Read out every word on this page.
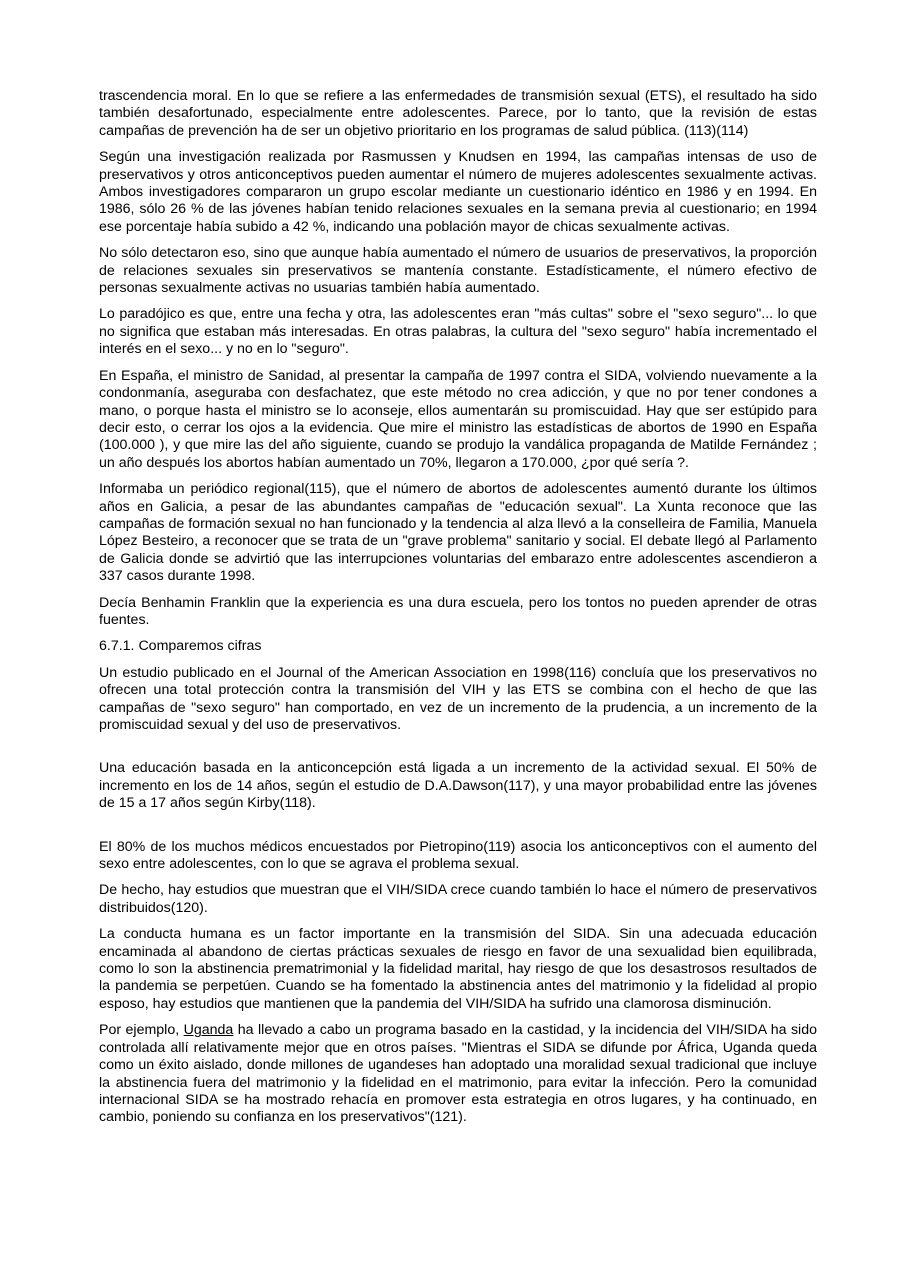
trascendencia moral. En lo que se refiere a las enfermedades de transmisión sexual (ETS), el resultado ha sido también desafortunado, especialmente entre adolescentes. Parece, por lo tanto, que la revisión de estas campañas de prevención ha de ser un objetivo prioritario en los programas de salud pública. (113)(114)

Según una investigación realizada por Rasmussen y Knudsen en 1994, las campañas intensas de uso de preservativos y otros anticonceptivos pueden aumentar el número de mujeres adolescentes sexualmente activas. Ambos investigadores compararon un grupo escolar mediante un cuestionario idéntico en 1986 y en 1994. En 1986, sólo 26 % de las jóvenes habían tenido relaciones sexuales en la semana previa al cuestionario; en 1994 ese porcentaje había subido a 42 %, indicando una población mayor de chicas sexualmente activas.

No sólo detectaron eso, sino que aunque había aumentado el número de usuarios de preservativos, la proporción de relaciones sexuales sin preservativos se mantenía constante. Estadísticamente, el número efectivo de personas sexualmente activas no usuarias también había aumentado.

Lo paradójico es que, entre una fecha y otra, las adolescentes eran "más cultas" sobre el "sexo seguro"... lo que no significa que estaban más interesadas. En otras palabras, la cultura del "sexo seguro" había incrementado el interés en el sexo... y no en lo "seguro".

En España, el ministro de Sanidad, al presentar la campaña de 1997 contra el SIDA, volviendo nuevamente a la condonmanía, aseguraba con desfachatez, que este método no crea adicción, y que no por tener condones a mano, o porque hasta el ministro se lo aconseje, ellos aumentarán su promiscuidad. Hay que ser estúpido para decir esto, o cerrar los ojos a la evidencia. Que mire el ministro las estadísticas de abortos de 1990 en España (100.000 ), y que mire las del año siguiente, cuando se produjo la vandálica propaganda de Matilde Fernández ; un año después los abortos habían aumentado un 70%, llegaron a 170.000, ¿por qué sería ?.

Informaba un periódico regional(115), que el número de abortos de adolescentes aumentó durante los últimos años en Galicia, a pesar de las abundantes campañas de "educación sexual". La Xunta reconoce que las campañas de formación sexual no han funcionado y la tendencia al alza llevó a la conselleira de Familia, Manuela López Besteiro, a reconocer que se trata de un "grave problema" sanitario y social. El debate llegó al Parlamento de Galicia donde se advirtió que las interrupciones voluntarias del embarazo entre adolescentes ascendieron a 337 casos durante 1998.

Decía Benhamin Franklin que la experiencia es una dura escuela, pero los tontos no pueden aprender de otras fuentes.

6.7.1. Comparemos cifras

Un estudio publicado en el Journal of the American Association en 1998(116) concluía que los preservativos no ofrecen una total protección contra la transmisión del VIH y las ETS se combina con el hecho de que las campañas de "sexo seguro" han comportado, en vez de un incremento de la prudencia, a un incremento de la promiscuidad sexual y del uso de preservativos.

Una educación basada en la anticoncepción está ligada a un incremento de la actividad sexual. El 50% de incremento en los de 14 años, según el estudio de D.A.Dawson(117), y una mayor probabilidad entre las jóvenes de 15 a 17 años según Kirby(118).

El 80% de los muchos médicos encuestados por Pietropino(119) asocia los anticonceptivos con el aumento del sexo entre adolescentes, con lo que se agrava el problema sexual.

De hecho, hay estudios que muestran que el VIH/SIDA crece cuando también lo hace el número de preservativos distribuidos(120).

La conducta humana es un factor importante en la transmisión del SIDA. Sin una adecuada educación encaminada al abandono de ciertas prácticas sexuales de riesgo en favor de una sexualidad bien equilibrada, como lo son la abstinencia prematrimonial y la fidelidad marital, hay riesgo de que los desastrosos resultados de la pandemia se perpetúen. Cuando se ha fomentado la abstinencia antes del matrimonio y la fidelidad al propio esposo, hay estudios que mantienen que la pandemia del VIH/SIDA ha sufrido una clamorosa disminución.

Por ejemplo, Uganda ha llevado a cabo un programa basado en la castidad, y la incidencia del VIH/SIDA ha sido controlada allí relativamente mejor que en otros países. "Mientras el SIDA se difunde por África, Uganda queda como un éxito aislado, donde millones de ugandeses han adoptado una moralidad sexual tradicional que incluye la abstinencia fuera del matrimonio y la fidelidad en el matrimonio, para evitar la infección. Pero la comunidad internacional SIDA se ha mostrado rehacía en promover esta estrategia en otros lugares, y ha continuado, en cambio, poniendo su confianza en los preservativos"(121).
